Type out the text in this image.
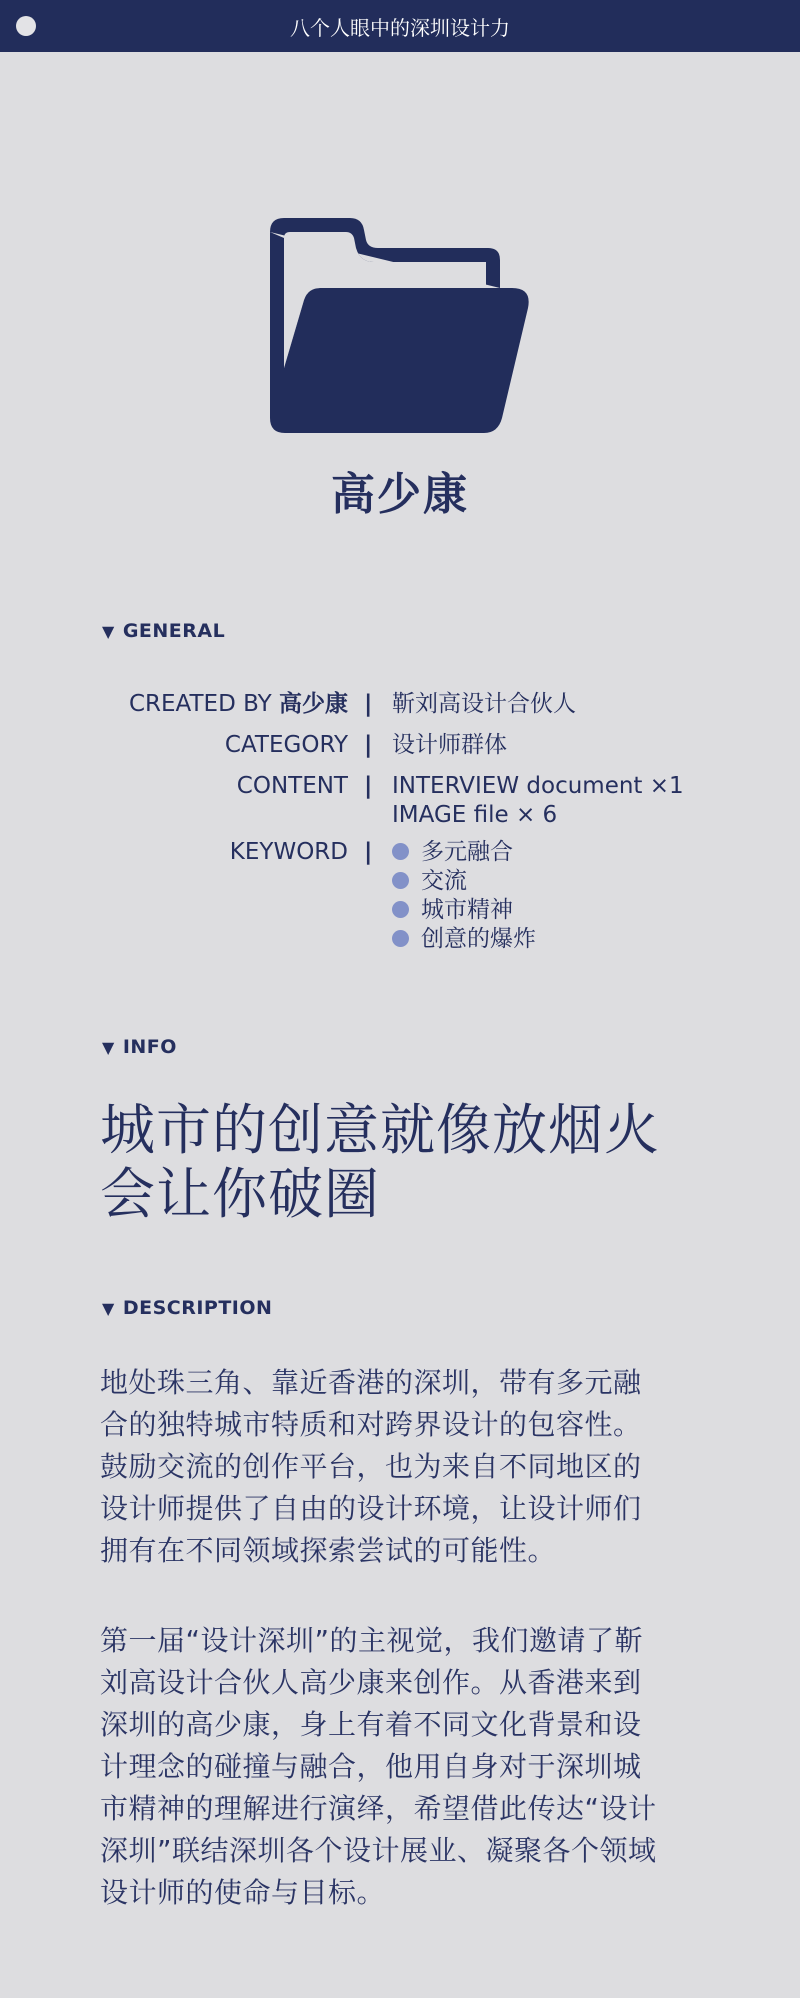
八个人眼中的深圳设计力
高少康
▼ GENERAL
CREATED BY 高少康 | 靳刘高设计合伙人
CATEGORY | 设计师群体
CONTENT | INTERVIEW document ×1
IMAGE file × 6
KEYWORD |	多元融合
交流
城市精神
创意的爆炸
▼ INFO
城市的创意就像放烟火
会让你破圈
▼ DESCRIPTION
地处珠三角、靠近香港的深圳，带有多元融
合的独特城市特质和对跨界设计的包容性。
鼓励交流的创作平台，也为来自不同地区的
设计师提供了自由的设计环境，让设计师们
拥有在不同领域探索尝试的可能性。
第一届“设计深圳”的主视觉，我们邀请了靳
刘高设计合伙人高少康来创作。从香港来到
深圳的高少康，身上有着不同文化背景和设
计理念的碰撞与融合，他用自身对于深圳城
市精神的理解进行演绎，希望借此传达“设计
深圳”联结深圳各个设计展业、凝聚各个领域
设计师的使命与目标。
